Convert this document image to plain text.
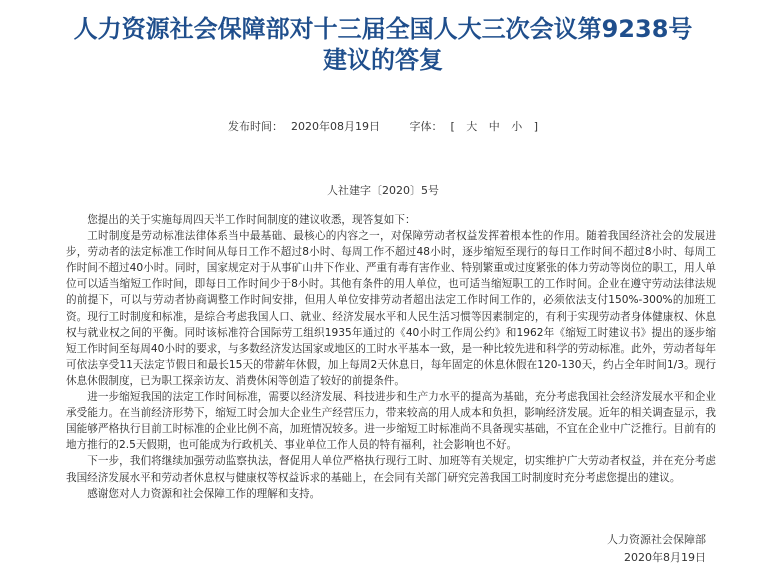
人力资源社会保障部对十三届全国人大三次会议第9238号
建议的答复
发布时间： 2020年08月19日	字体： [ 大 中 小 ]
人社建字〔2020〕5号

您提出的关于实施每周四天半工作时间制度的建议收悉，现答复如下：

工时制度是劳动标准法律体系当中最基础、最核心的内容之一，对保障劳动者权益发挥着根本性的作用。随着我国经济社会的发展进步，劳动者的法定标准工作时间从每日工作不超过8小时、每周工作不超过48小时，逐步缩短至现行的每日工作时间不超过8小时、每周工作时间不超过40小时。同时，国家规定对于从事矿山井下作业、严重有毒有害作业、特别繁重或过度紧张的体力劳动等岗位的职工，用人单位可以适当缩短工作时间，即每日工作时间少于8小时。其他有条件的用人单位，也可适当缩短职工的工作时间。企业在遵守劳动法律法规的前提下，可以与劳动者协商调整工作时间安排，但用人单位安排劳动者超出法定工作时间工作的，必须依法支付150%-300%的加班工资。现行工时制度和标准，是综合考虑我国人口、就业、经济发展水平和人民生活习惯等因素制定的，有利于实现劳动者身体健康权、休息权与就业权之间的平衡。同时该标准符合国际劳工组织1935年通过的《40小时工作周公约》和1962年《缩短工时建议书》提出的逐步缩短工作时间至每周40小时的要求，与多数经济发达国家或地区的工时水平基本一致，是一种比较先进和科学的劳动标准。此外，劳动者每年可依法享受11天法定节假日和最长15天的带薪年休假，加上每周2天休息日，每年固定的休息休假在120-130天，约占全年时间1/3。现行休息休假制度，已为职工探亲访友、消费休闲等创造了较好的前提条件。

进一步缩短我国的法定工作时间标准，需要以经济发展、科技进步和生产力水平的提高为基础，充分考虑我国社会经济发展水平和企业承受能力。在当前经济形势下，缩短工时会加大企业生产经营压力，带来较高的用人成本和负担，影响经济发展。近年的相关调查显示，我国能够严格执行目前工时标准的企业比例不高，加班情况较多。进一步缩短工时标准尚不具备现实基础，不宜在企业中广泛推行。目前有的地方推行的2.5天假期，也可能成为行政机关、事业单位工作人员的特有福利，社会影响也不好。

下一步，我们将继续加强劳动监察执法，督促用人单位严格执行现行工时、加班等有关规定，切实维护广大劳动者权益，并在充分考虑我国经济发展水平和劳动者休息权与健康权等权益诉求的基础上，在会同有关部门研究完善我国工时制度时充分考虑您提出的建议。

感谢您对人力资源和社会保障工作的理解和支持。

人力资源社会保障部
2020年8月19日
